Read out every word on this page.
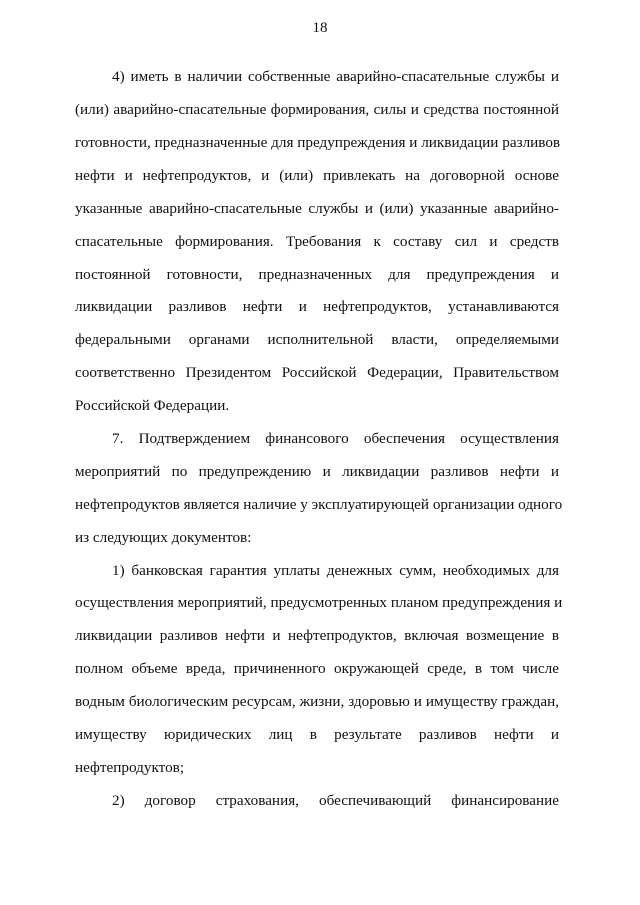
18
4) иметь в наличии собственные аварийно-спасательные службы и
(или) аварийно-спасательные формирования, силы и средства постоянной
готовности, предназначенные для предупреждения и ликвидации разливов
нефти и нефтепродуктов, и (или) привлекать на договорной основе
указанные аварийно-спасательные службы и (или) указанные аварийно-
спасательные формирования. Требования к составу сил и средств
постоянной готовности, предназначенных для предупреждения и
ликвидации разливов нефти и нефтепродуктов, устанавливаются
федеральными органами исполнительной власти, определяемыми
соответственно Президентом Российской Федерации, Правительством
Российской Федерации.
7. Подтверждением финансового обеспечения осуществления
мероприятий по предупреждению и ликвидации разливов нефти и
нефтепродуктов является наличие у эксплуатирующей организации одного
из следующих документов:
1) банковская гарантия уплаты денежных сумм, необходимых для
осуществления мероприятий, предусмотренных планом предупреждения и
ликвидации разливов нефти и нефтепродуктов, включая возмещение в
полном объеме вреда, причиненного окружающей среде, в том числе
водным биологическим ресурсам, жизни, здоровью и имуществу граждан,
имуществу юридических лиц в результате разливов нефти и
нефтепродуктов;
2) договор страхования, обеспечивающий финансирование
